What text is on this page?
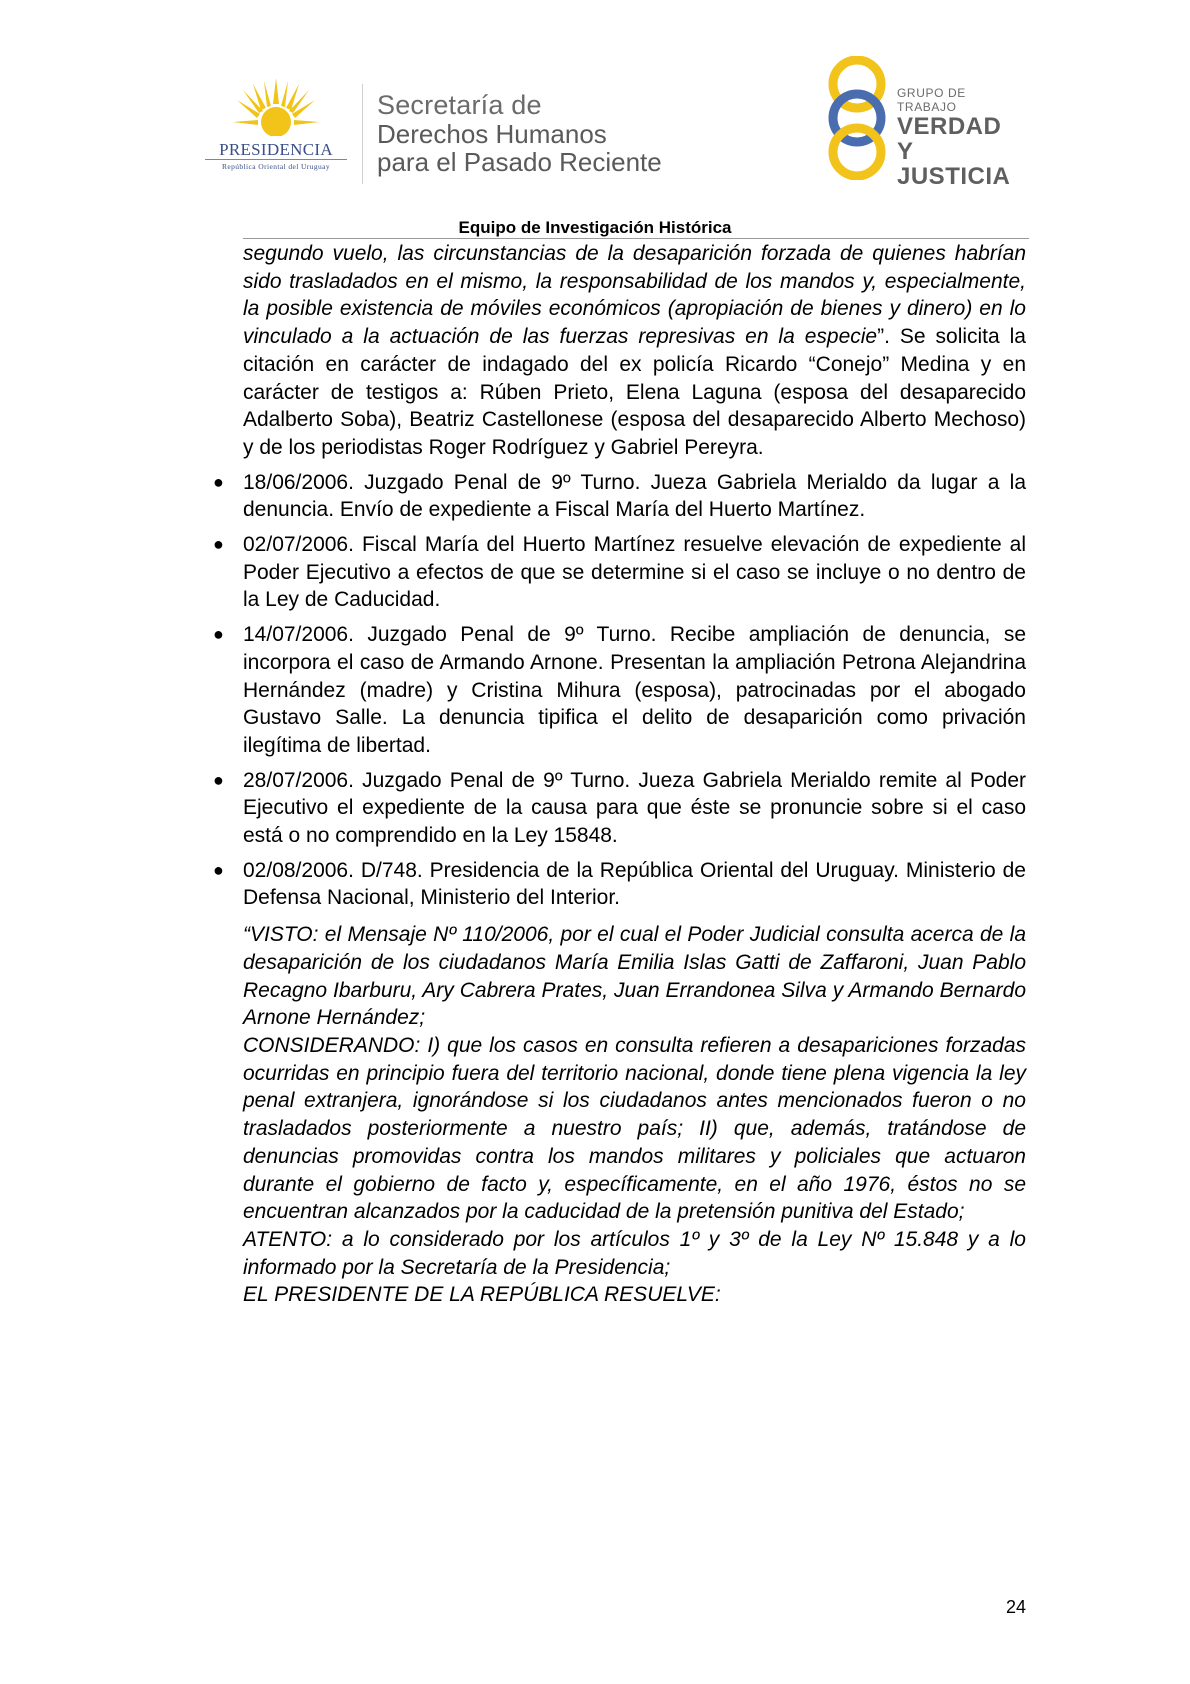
PRESIDENCIA
República Oriental del Uruguay
Secretaría de
Derechos Humanos
para el Pasado Reciente
GRUPO DE TRABAJO
VERDAD Y
JUSTICIA
Equipo de Investigación Histórica

segundo vuelo, las circunstancias de la desaparición forzada de quienes habrían sido trasladados en el mismo, la responsabilidad de los mandos y, especialmente, la posible existencia de móviles económicos (apropiación de bienes y dinero) en lo vinculado a la actuación de las fuerzas represivas en la especie”. Se solicita la citación en carácter de indagado del ex policía Ricardo “Conejo” Medina y en carácter de testigos a: Rúben Prieto, Elena Laguna (esposa del desaparecido Adalberto Soba), Beatriz Castellonese (esposa del desaparecido Alberto Mechoso) y de los periodistas Roger Rodríguez y Gabriel Pereyra.

● 18/06/2006. Juzgado Penal de 9º Turno. Jueza Gabriela Merialdo da lugar a la denuncia. Envío de expediente a Fiscal María del Huerto Martínez.
● 02/07/2006. Fiscal María del Huerto Martínez resuelve elevación de expediente al Poder Ejecutivo a efectos de que se determine si el caso se incluye o no dentro de la Ley de Caducidad.
● 14/07/2006. Juzgado Penal de 9º Turno. Recibe ampliación de denuncia, se incorpora el caso de Armando Arnone. Presentan la ampliación Petrona Alejandrina Hernández (madre) y Cristina Mihura (esposa), patrocinadas por el abogado Gustavo Salle. La denuncia tipifica el delito de desaparición como privación ilegítima de libertad.
● 28/07/2006. Juzgado Penal de 9º Turno. Jueza Gabriela Merialdo remite al Poder Ejecutivo el expediente de la causa para que éste se pronuncie sobre si el caso está o no comprendido en la Ley 15848.
● 02/08/2006. D/748. Presidencia de la República Oriental del Uruguay. Ministerio de Defensa Nacional, Ministerio del Interior.

“VISTO: el Mensaje Nº 110/2006, por el cual el Poder Judicial consulta acerca de la desaparición de los ciudadanos María Emilia Islas Gatti de Zaffaroni, Juan Pablo Recagno Ibarburu, Ary Cabrera Prates, Juan Errandonea Silva y Armando Bernardo Arnone Hernández;

CONSIDERANDO: I) que los casos en consulta refieren a desapariciones forzadas ocurridas en principio fuera del territorio nacional, donde tiene plena vigencia la ley penal extranjera, ignorándose si los ciudadanos antes mencionados fueron o no trasladados posteriormente a nuestro país; II) que, además, tratándose de denuncias promovidas contra los mandos militares y policiales que actuaron durante el gobierno de facto y, específicamente, en el año 1976, éstos no se encuentran alcanzados por la caducidad de la pretensión punitiva del Estado;

ATENTO: a lo considerado por los artículos 1º y 3º de la Ley Nº 15.848 y a lo informado por la Secretaría de la Presidencia;

EL PRESIDENTE DE LA REPÚBLICA RESUELVE:

24
